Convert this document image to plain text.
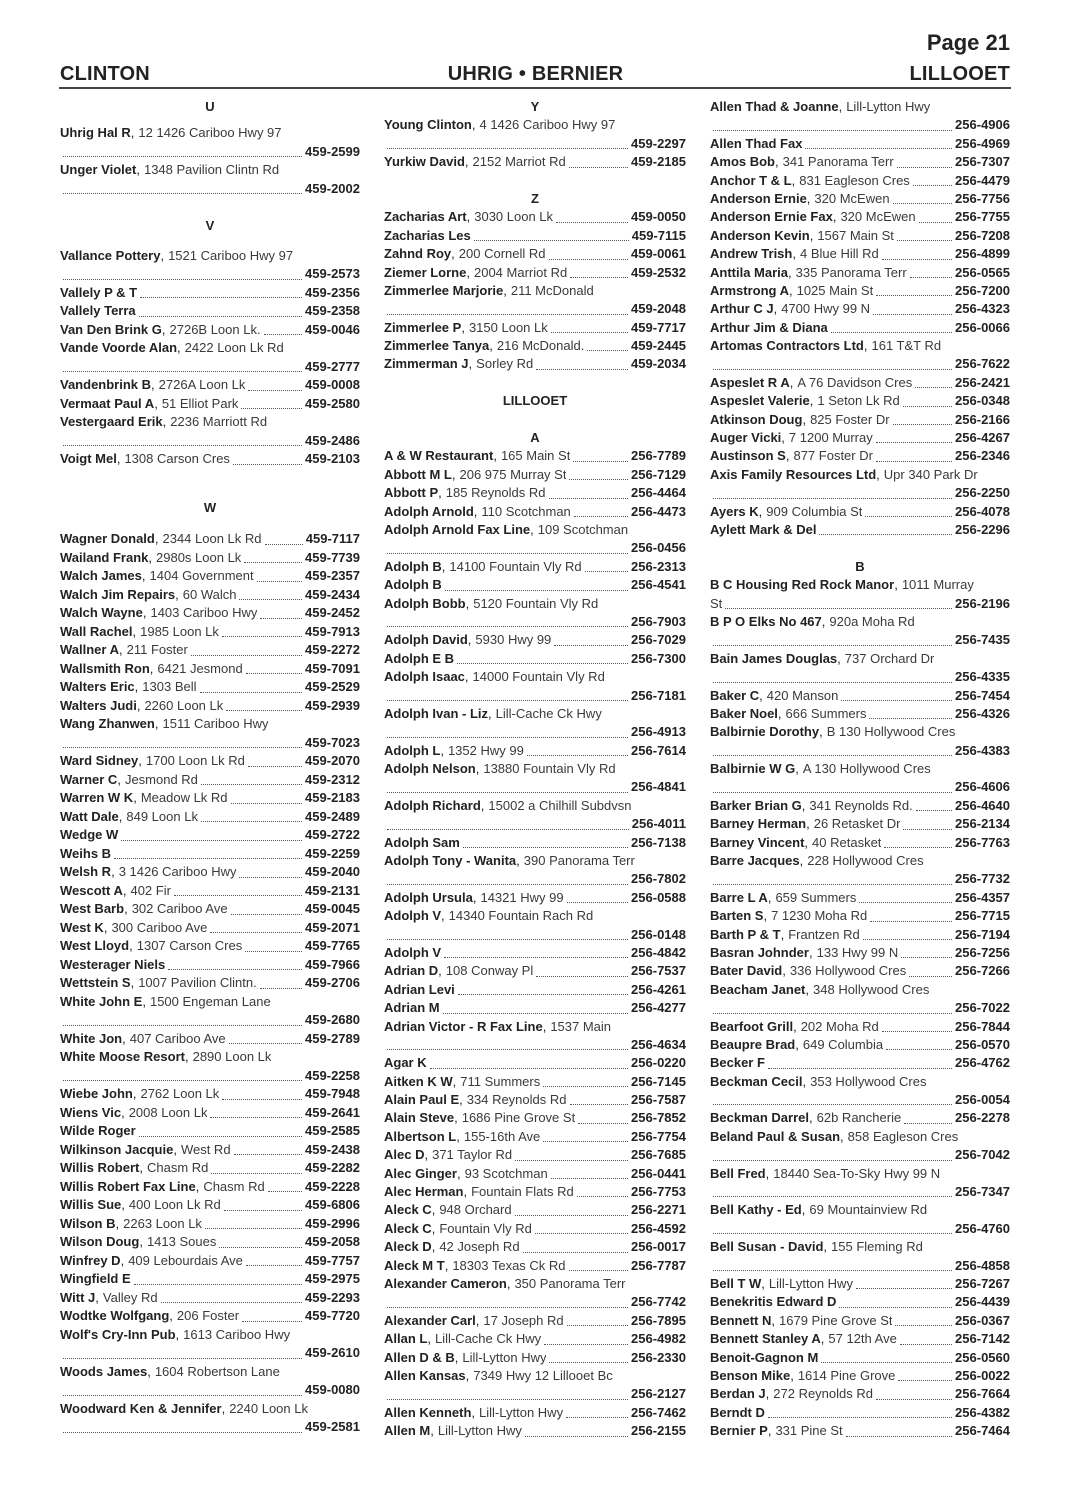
Page 21
CLINTON	UHRIG • BERNIER	LILLOOET
U
Uhrig Hal R , 12 1426 Cariboo Hwy 97
459-2599
Unger Violet , 1348 Pavilion Clintn Rd
459-2002
V
Vallance Pottery , 1521 Cariboo Hwy 97
459-2573
Vallely P & T	459-2356
Vallely Terra	459-2358
Van Den Brink G , 2726B Loon Lk.	459-0046
Vande Voorde Alan , 2422 Loon Lk Rd
459-2777
Vandenbrink B , 2726A Loon Lk	459-0008
Vermaat Paul A , 51 Elliot Park	459-2580
Vestergaard Erik , 2236 Marriott Rd
459-2486
Voigt Mel , 1308 Carson Cres	459-2103
W
Wagner Donald , 2344 Loon Lk Rd	459-7117
Wailand Frank , 2980s Loon Lk	459-7739
Walch James , 1404 Government	459-2357
Walch Jim Repairs , 60 Walch	459-2434
Walch Wayne , 1403 Cariboo Hwy	459-2452
Wall Rachel , 1985 Loon Lk	459-7913
Wallner A , 211 Foster	459-2272
Wallsmith Ron , 6421 Jesmond	459-7091
Walters Eric , 1303 Bell	459-2529
Walters Judi , 2260 Loon Lk	459-2939
Wang Zhanwen , 1511 Cariboo Hwy
459-7023
Ward Sidney , 1700 Loon Lk Rd	459-2070
Warner C , Jesmond Rd	459-2312
Warren W K , Meadow Lk Rd	459-2183
Watt Dale , 849 Loon Lk	459-2489
Wedge W	459-2722
Weihs B	459-2259
Welsh R , 3 1426 Cariboo Hwy	459-2040
Wescott A , 402 Fir	459-2131
West Barb , 302 Cariboo Ave	459-0045
West K , 300 Cariboo Ave	459-2071
West Lloyd , 1307 Carson Cres	459-7765
Westerager Niels	459-7966
Wettstein S , 1007 Pavilion Clintn.	459-2706
White John E , 1500 Engeman Lane
459-2680
White Jon , 407 Cariboo Ave	459-2789
White Moose Resort , 2890 Loon Lk
459-2258
Wiebe John , 2762 Loon Lk	459-7948
Wiens Vic , 2008 Loon Lk	459-2641
Wilde Roger	459-2585
Wilkinson Jacquie , West Rd	459-2438
Willis Robert , Chasm Rd	459-2282
Willis Robert Fax Line , Chasm Rd	459-2228
Willis Sue , 400 Loon Lk Rd	459-6806
Wilson B , 2263 Loon Lk	459-2996
Wilson Doug , 1413 Soues	459-2058
Winfrey D , 409 Lebourdais Ave	459-7757
Wingfield E	459-2975
Witt J , Valley Rd	459-2293
Wodtke Wolfgang , 206 Foster	459-7720
Wolf's Cry-Inn Pub , 1613 Cariboo Hwy
459-2610
Woods James , 1604 Robertson Lane
459-0080
Woodward Ken & Jennifer , 2240 Loon Lk
459-2581
Y
Young Clinton , 4 1426 Cariboo Hwy 97
459-2297
Yurkiw David , 2152 Marriot Rd	459-2185
Z
Zacharias Art , 3030 Loon Lk	459-0050
Zacharias Les	459-7115
Zahnd Roy , 200 Cornell Rd	459-0061
Ziemer Lorne , 2004 Marriot Rd	459-2532
Zimmerlee Marjorie , 211 McDonald
459-2048
Zimmerlee P , 3150 Loon Lk	459-7717
Zimmerlee Tanya , 216 McDonald.	459-2445
Zimmerman J , Sorley Rd	459-2034
LILLOOET
A
A & W Restaurant , 165 Main St	256-7789
Abbott M L , 206 975 Murray St	256-7129
Abbott P , 185 Reynolds Rd	256-4464
Adolph Arnold , 110 Scotchman	256-4473
Adolph Arnold Fax Line , 109 Scotchman
256-0456
Adolph B , 14100 Fountain Vly Rd	256-2313
Adolph B	256-4541
Adolph Bobb , 5120 Fountain Vly Rd
256-7903
Adolph David , 5930 Hwy 99	256-7029
Adolph E B	256-7300
Adolph Isaac , 14000 Fountain Vly Rd
256-7181
Adolph Ivan - Liz , Lill-Cache Ck Hwy
256-4913
Adolph L , 1352 Hwy 99	256-7614
Adolph Nelson , 13880 Fountain Vly Rd
256-4841
Adolph Richard , 15002 a Chilhill Subdvsn
256-4011
Adolph Sam	256-7138
Adolph Tony - Wanita , 390 Panorama Terr
256-7802
Adolph Ursula , 14321 Hwy 99	256-0588
Adolph V , 14340 Fountain Rach Rd
256-0148
Adolph V	256-4842
Adrian D , 108 Conway Pl	256-7537
Adrian Levi	256-4261
Adrian M	256-4277
Adrian Victor - R Fax Line , 1537 Main
256-4634
Agar K	256-0220
Aitken K W , 711 Summers	256-7145
Alain Paul E , 334 Reynolds Rd	256-7587
Alain Steve , 1686 Pine Grove St	256-7852
Albertson L , 155-16th Ave	256-7754
Alec D , 371 Taylor Rd	256-7685
Alec Ginger , 93 Scotchman	256-0441
Alec Herman , Fountain Flats Rd	256-7753
Aleck C , 948 Orchard	256-2271
Aleck C , Fountain Vly Rd	256-4592
Aleck D , 42 Joseph Rd	256-0017
Aleck M T , 18303 Texas Ck Rd	256-7787
Alexander Cameron , 350 Panorama Terr
256-7742
Alexander Carl , 17 Joseph Rd	256-7895
Allan L , Lill-Cache Ck Hwy	256-4982
Allen D & B , Lill-Lytton Hwy	256-2330
Allen Kansas , 7349 Hwy 12 Lillooet Bc
256-2127
Allen Kenneth , Lill-Lytton Hwy	256-7462
Allen M , Lill-Lytton Hwy	256-2155
Allen Thad & Joanne , Lill-Lytton Hwy
256-4906
Allen Thad Fax	256-4969
Amos Bob , 341 Panorama Terr	256-7307
Anchor T & L , 831 Eagleson Cres	256-4479
Anderson Ernie , 320 McEwen	256-7756
Anderson Ernie Fax , 320 McEwen	256-7755
Anderson Kevin , 1567 Main St	256-7208
Andrew Trish , 4 Blue Hill Rd	256-4899
Anttila Maria , 335 Panorama Terr	256-0565
Armstrong A , 1025 Main St	256-7200
Arthur C J , 4700 Hwy 99 N	256-4323
Arthur Jim & Diana	256-0066
Artomas Contractors Ltd , 161 T&T Rd
256-7622
Aspeslet R A , A 76 Davidson Cres	256-2421
Aspeslet Valerie , 1 Seton Lk Rd	256-0348
Atkinson Doug , 825 Foster Dr	256-2166
Auger Vicki , 7 1200 Murray	256-4267
Austinson S , 877 Foster Dr	256-2346
Axis Family Resources Ltd , Upr 340 Park Dr
256-2250
Ayers K , 909 Columbia St	256-4078
Aylett Mark & Del	256-2296
B
B C Housing Red Rock Manor , 1011 Murray
St	256-2196
B P O Elks No 467 , 920a Moha Rd
256-7435
Bain James Douglas , 737 Orchard Dr
256-4335
Baker C , 420 Manson	256-7454
Baker Noel , 666 Summers	256-4326
Balbirnie Dorothy , B 130 Hollywood Cres
256-4383
Balbirnie W G , A 130 Hollywood Cres
256-4606
Barker Brian G , 341 Reynolds Rd.	256-4640
Barney Herman , 26 Retasket Dr	256-2134
Barney Vincent , 40 Retasket	256-7763
Barre Jacques , 228 Hollywood Cres
256-7732
Barre L A , 659 Summers	256-4357
Barten S , 7 1230 Moha Rd	256-7715
Barth P & T , Frantzen Rd	256-7194
Basran Johnder , 133 Hwy 99 N	256-7256
Bater David , 336 Hollywood Cres	256-7266
Beacham Janet , 348 Hollywood Cres
256-7022
Bearfoot Grill , 202 Moha Rd	256-7844
Beaupre Brad , 649 Columbia	256-0570
Becker F	256-4762
Beckman Cecil , 353 Hollywood Cres
256-0054
Beckman Darrel , 62b Rancherie	256-2278
Beland Paul & Susan , 858 Eagleson Cres
256-7042
Bell Fred , 18440 Sea-To-Sky Hwy 99 N
256-7347
Bell Kathy - Ed , 69 Mountainview Rd
256-4760
Bell Susan - David , 155 Fleming Rd
256-4858
Bell T W , Lill-Lytton Hwy	256-7267
Benekritis Edward D	256-4439
Bennett N , 1679 Pine Grove St	256-0367
Bennett Stanley A , 57 12th Ave	256-7142
Benoit-Gagnon M	256-0560
Benson Mike , 1614 Pine Grove	256-0022
Berdan J , 272 Reynolds Rd	256-7664
Berndt D	256-4382
Bernier P , 331 Pine St	256-7464
